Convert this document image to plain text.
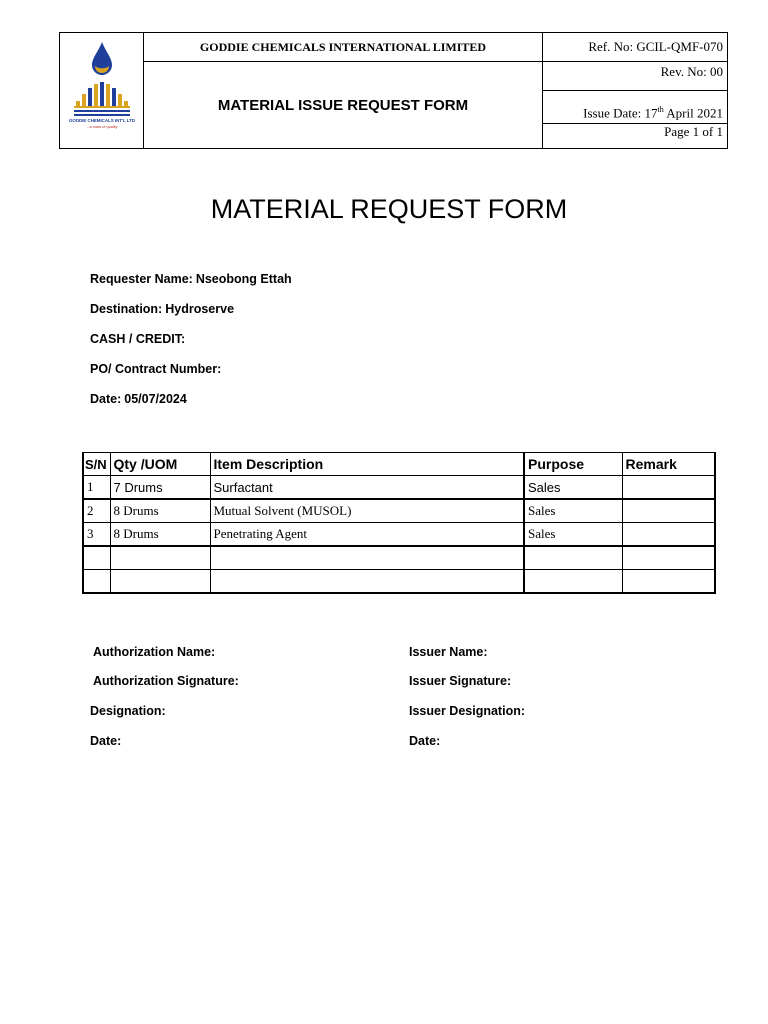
GODDIE CHEMICALS INT'L LTD
...a mark of quality	GODDIE CHEMICALS INTERNATIONAL LIMITED	Ref. No: GCIL-QMF-070
	MATERIAL ISSUE REQUEST FORM	Rev. No: 00
		Issue Date: 17th April 2021
		Page 1 of 1
MATERIAL REQUEST FORM
Requester Name: Nseobong Ettah
Destination: Hydroserve
CASH / CREDIT:
PO/ Contract Number:
Date: 05/07/2024
S/N	Qty /UOM	Item Description	Purpose	Remark
1	7 Drums	Surfactant	Sales	
2	8 Drums	Mutual Solvent (MUSOL)	Sales	
3	8 Drums	Penetrating Agent	Sales	

Authorization Name:
Authorization Signature:
Designation:
Date:
Issuer Name:
Issuer Signature:
Issuer Designation:
Date:
